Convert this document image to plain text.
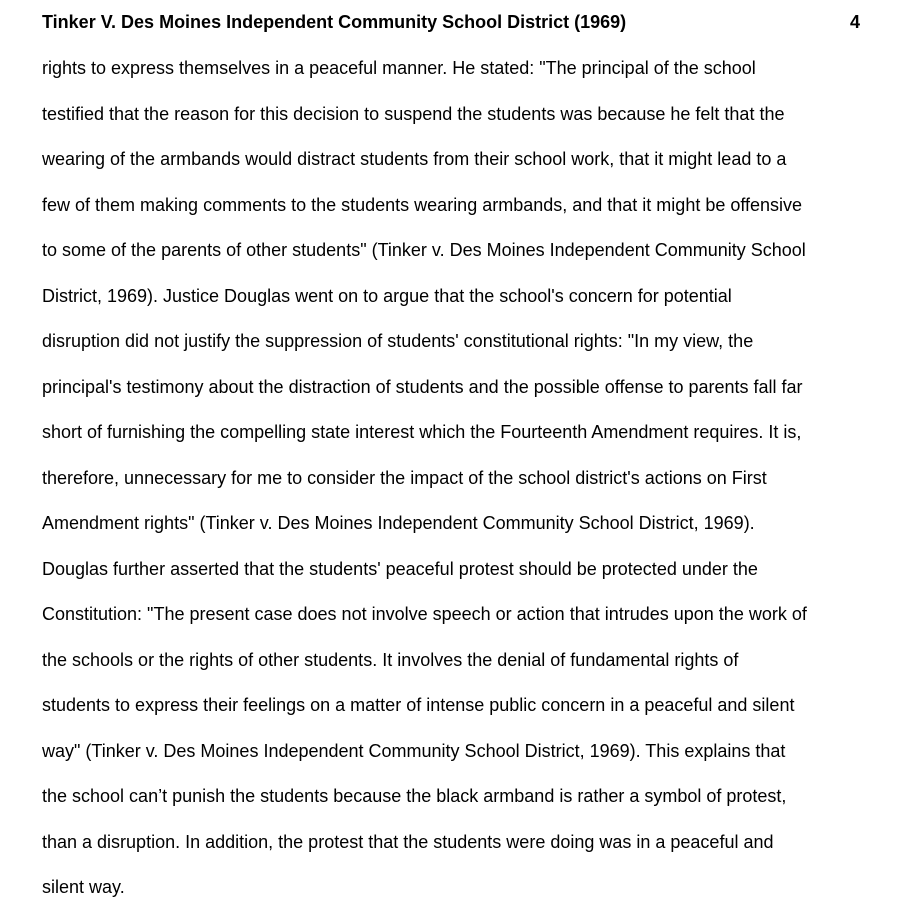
Tinker V. Des Moines Independent Community School District (1969)	4
rights to express themselves in a peaceful manner. He stated: "The principal of the school
testified that the reason for this decision to suspend the students was because he felt that the
wearing of the armbands would distract students from their school work, that it might lead to a
few of them making comments to the students wearing armbands, and that it might be offensive
to some of the parents of other students" (Tinker v. Des Moines Independent Community School
District, 1969). Justice Douglas went on to argue that the school's concern for potential
disruption did not justify the suppression of students' constitutional rights: "In my view, the
principal's testimony about the distraction of students and the possible offense to parents fall far
short of furnishing the compelling state interest which the Fourteenth Amendment requires. It is,
therefore, unnecessary for me to consider the impact of the school district's actions on First
Amendment rights" (Tinker v. Des Moines Independent Community School District, 1969).
Douglas further asserted that the students' peaceful protest should be protected under the
Constitution: "The present case does not involve speech or action that intrudes upon the work of
the schools or the rights of other students. It involves the denial of fundamental rights of
students to express their feelings on a matter of intense public concern in a peaceful and silent
way" (Tinker v. Des Moines Independent Community School District, 1969). This explains that
the school can’t punish the students because the black armband is rather a symbol of protest,
than a disruption. In addition, the protest that the students were doing was in a peaceful and
silent way.
